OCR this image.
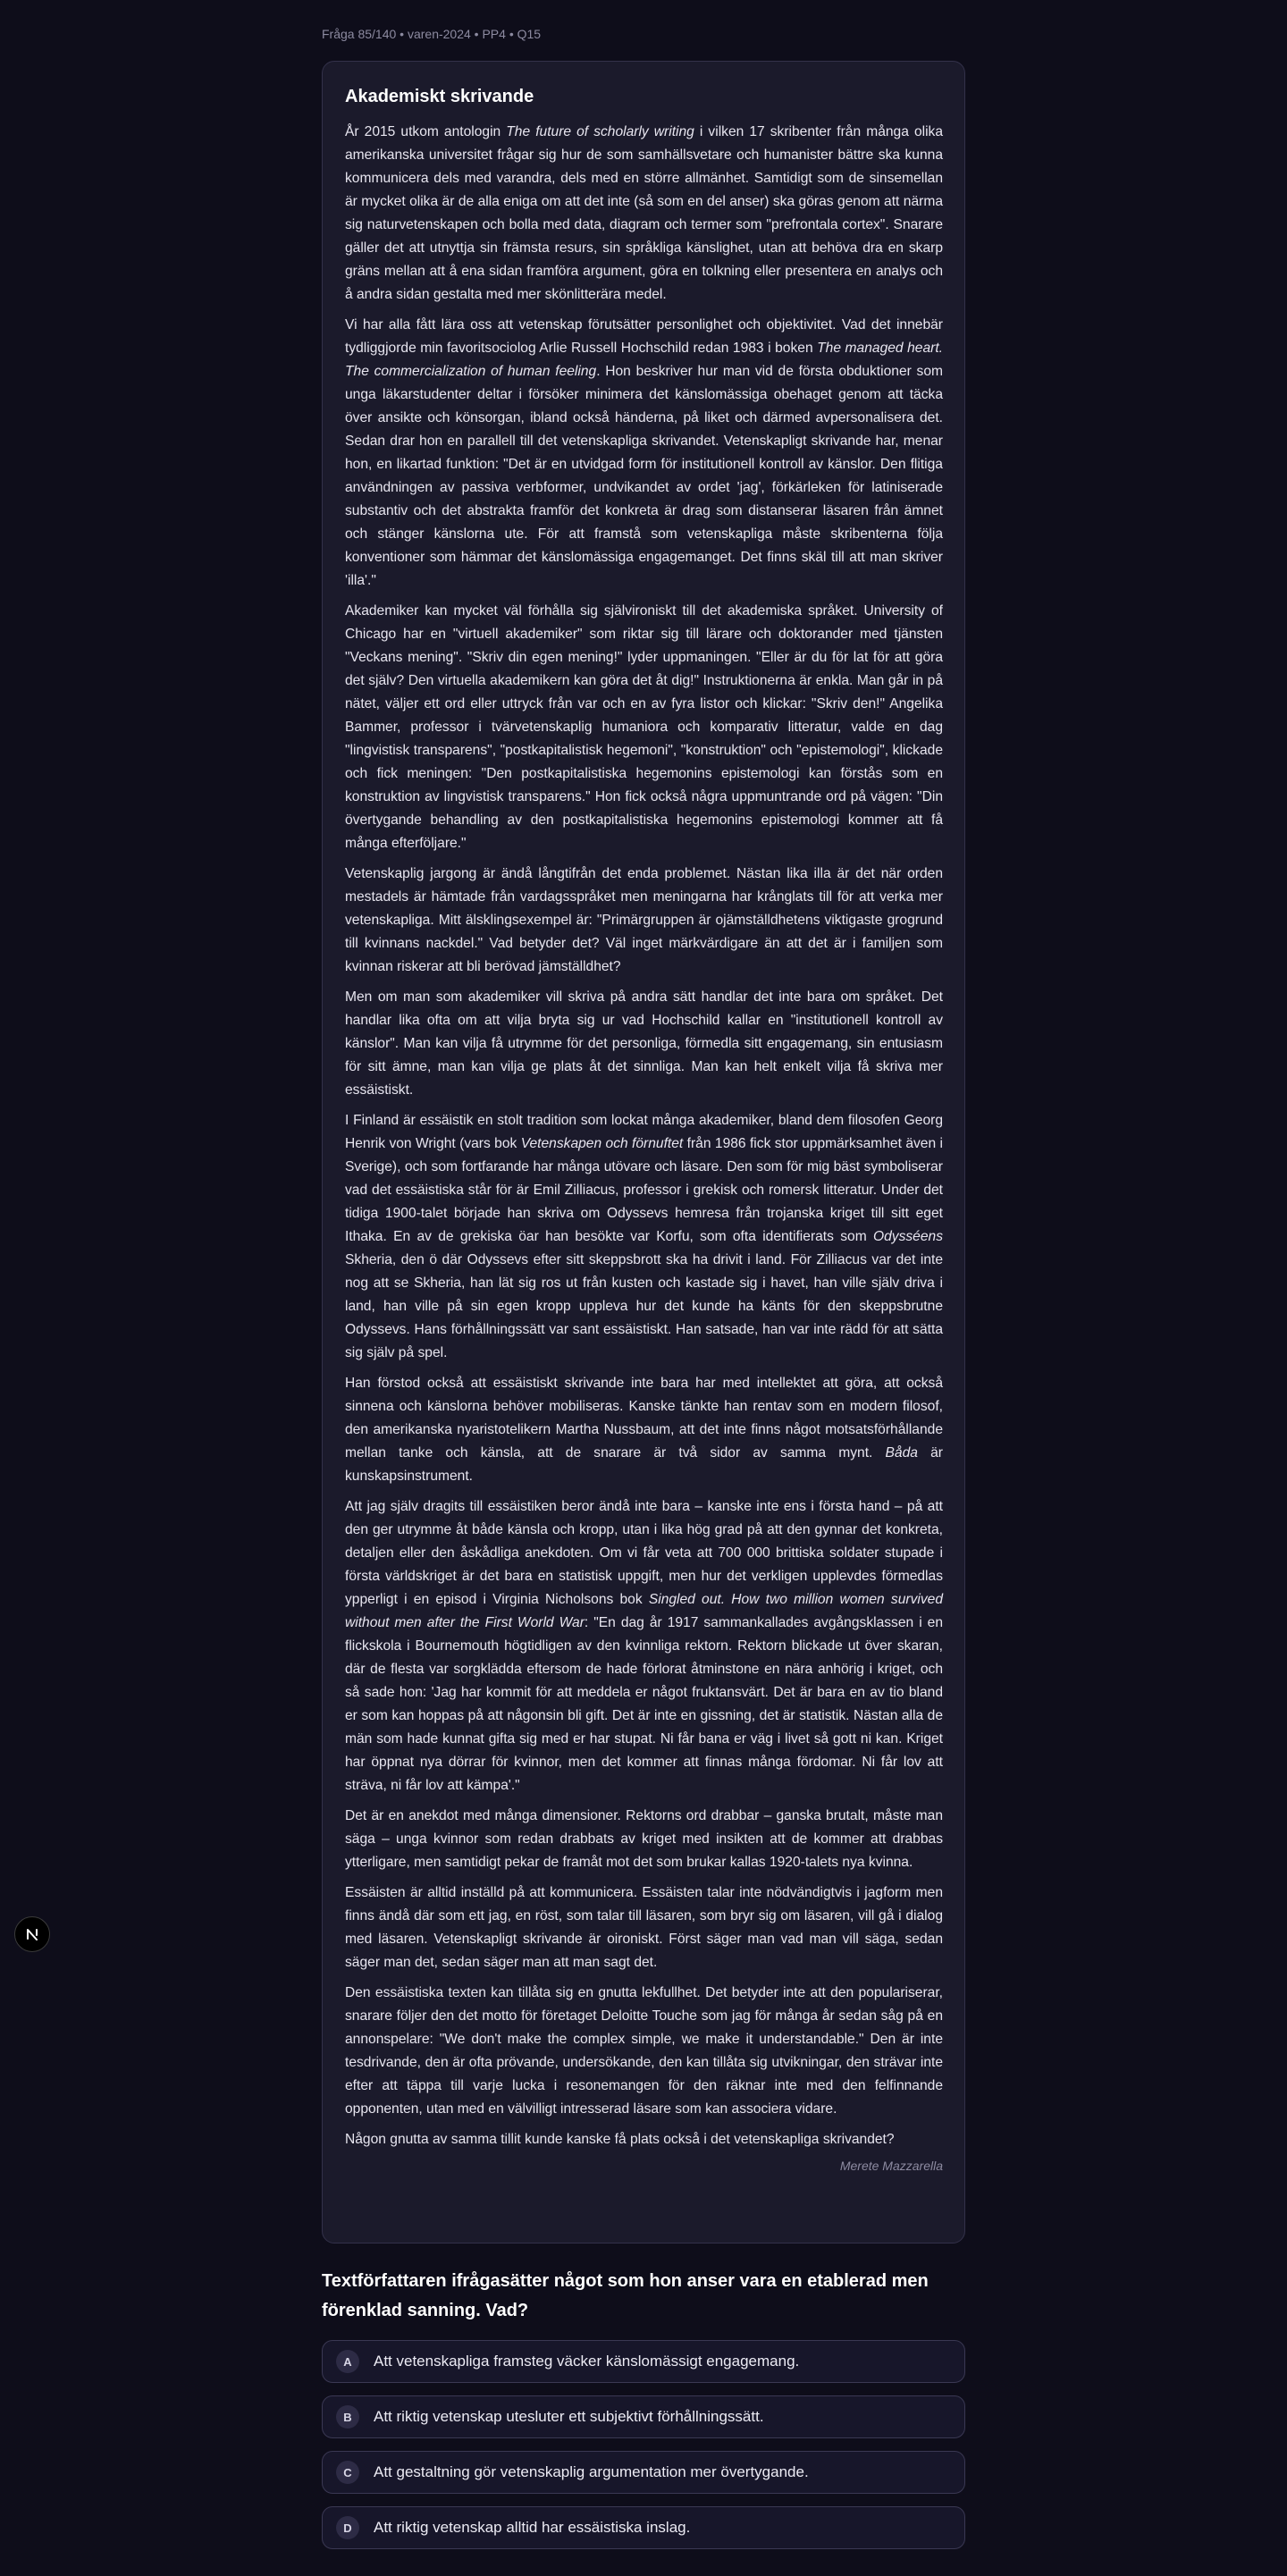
Fråga 85/140 • varen-2024 • PP4 • Q15
Akademiskt skrivande

År 2015 utkom antologin The future of scholarly writing i vilken 17 skribenter från många olika amerikanska universitet frågar sig hur de som samhällsvetare och humanister bättre ska kunna kommunicera dels med varandra, dels med en större allmänhet. Samtidigt som de sinsemellan är mycket olika är de alla eniga om att det inte (så som en del anser) ska göras genom att närma sig naturvetenskapen och bolla med data, diagram och termer som "prefrontala cortex". Snarare gäller det att utnyttja sin främsta resurs, sin språkliga känslighet, utan att behöva dra en skarp gräns mellan att å ena sidan framföra argument, göra en tolkning eller presentera en analys och å andra sidan gestalta med mer skönlitterära medel.

Vi har alla fått lära oss att vetenskap förutsätter personlighet och objektivitet. Vad det innebär tydliggjorde min favoritsociolog Arlie Russell Hochschild redan 1983 i boken The managed heart. The commercialization of human feeling. Hon beskriver hur man vid de första obduktioner som unga läkarstudenter deltar i försöker minimera det känslomässiga obehaget genom att täcka över ansikte och könsorgan, ibland också händerna, på liket och därmed avpersonalisera det. Sedan drar hon en parallell till det vetenskapliga skrivandet. Vetenskapligt skrivande har, menar hon, en likartad funktion: "Det är en utvidgad form för institutionell kontroll av känslor. Den flitiga användningen av passiva verbformer, undvikandet av ordet 'jag', förkärleken för latiniserade substantiv och det abstrakta framför det konkreta är drag som distanserar läsaren från ämnet och stänger känslorna ute. För att framstå som vetenskapliga måste skribenterna följa konventioner som hämmar det känslomässiga engagemanget. Det finns skäl till att man skriver 'illa'."

Akademiker kan mycket väl förhålla sig självironiskt till det akademiska språket. University of Chicago har en "virtuell akademiker" som riktar sig till lärare och doktorander med tjänsten "Veckans mening". "Skriv din egen mening!" lyder uppmaningen. "Eller är du för lat för att göra det själv? Den virtuella akademikern kan göra det åt dig!" Instruktionerna är enkla. Man går in på nätet, väljer ett ord eller uttryck från var och en av fyra listor och klickar: "Skriv den!" Angelika Bammer, professor i tvärvetenskaplig humaniora och komparativ litteratur, valde en dag "lingvistisk transparens", "postkapitalistisk hegemoni", "konstruktion" och "epistemologi", klickade och fick meningen: "Den postkapitalistiska hegemonins epistemologi kan förstås som en konstruktion av lingvistisk transparens." Hon fick också några uppmuntrande ord på vägen: "Din övertygande behandling av den postkapitalistiska hegemonins epistemologi kommer att få många efterföljare."

Vetenskaplig jargong är ändå långtifrån det enda problemet. Nästan lika illa är det när orden mestadels är hämtade från vardagsspråket men meningarna har krånglats till för att verka mer vetenskapliga. Mitt älsklingsexempel är: "Primärgruppen är ojämställdhetens viktigaste grogrund till kvinnans nackdel." Vad betyder det? Väl inget märkvärdigare än att det är i familjen som kvinnan riskerar att bli berövad jämställdhet?

Men om man som akademiker vill skriva på andra sätt handlar det inte bara om språket. Det handlar lika ofta om att vilja bryta sig ur vad Hochschild kallar en "institutionell kontroll av känslor". Man kan vilja få utrymme för det personliga, förmedla sitt engagemang, sin entusiasm för sitt ämne, man kan vilja ge plats åt det sinnliga. Man kan helt enkelt vilja få skriva mer essäistiskt.

I Finland är essäistik en stolt tradition som lockat många akademiker, bland dem filosofen Georg Henrik von Wright (vars bok Vetenskapen och förnuftet från 1986 fick stor uppmärksamhet även i Sverige), och som fortfarande har många utövare och läsare. Den som för mig bäst symboliserar vad det essäistiska står för är Emil Zilliacus, professor i grekisk och romersk litteratur. Under det tidiga 1900-talet började han skriva om Odyssevs hemresa från trojanska kriget till sitt eget Ithaka. En av de grekiska öar han besökte var Korfu, som ofta identifierats som Odysséens Skheria, den ö där Odyssevs efter sitt skeppsbrott ska ha drivit i land. För Zilliacus var det inte nog att se Skheria, han lät sig ros ut från kusten och kastade sig i havet, han ville själv driva i land, han ville på sin egen kropp uppleva hur det kunde ha känts för den skeppsbrutne Odyssevs. Hans förhållningssätt var sant essäistiskt. Han satsade, han var inte rädd för att sätta sig själv på spel.

Han förstod också att essäistiskt skrivande inte bara har med intellektet att göra, att också sinnena och känslorna behöver mobiliseras. Kanske tänkte han rentav som en modern filosof, den amerikanska nyaristotelikern Martha Nussbaum, att det inte finns något motsatsförhållande mellan tanke och känsla, att de snarare är två sidor av samma mynt. Båda är kunskapsinstrument.

Att jag själv dragits till essäistiken beror ändå inte bara – kanske inte ens i första hand – på att den ger utrymme åt både känsla och kropp, utan i lika hög grad på att den gynnar det konkreta, detaljen eller den åskådliga anekdoten. Om vi får veta att 700 000 brittiska soldater stupade i första världskriget är det bara en statistisk uppgift, men hur det verkligen upplevdes förmedlas ypperligt i en episod i Virginia Nicholsons bok Singled out. How two million women survived without men after the First World War: "En dag år 1917 sammankallades avgångsklassen i en flickskola i Bournemouth högtidligen av den kvinnliga rektorn. Rektorn blickade ut över skaran, där de flesta var sorgklädda eftersom de hade förlorat åtminstone en nära anhörig i kriget, och så sade hon: 'Jag har kommit för att meddela er något fruktansvärt. Det är bara en av tio bland er som kan hoppas på att någonsin bli gift. Det är inte en gissning, det är statistik. Nästan alla de män som hade kunnat gifta sig med er har stupat. Ni får bana er väg i livet så gott ni kan. Kriget har öppnat nya dörrar för kvinnor, men det kommer att finnas många fördomar. Ni får lov att sträva, ni får lov att kämpa'."

Det är en anekdot med många dimensioner. Rektorns ord drabbar – ganska brutalt, måste man säga – unga kvinnor som redan drabbats av kriget med insikten att de kommer att drabbas ytterligare, men samtidigt pekar de framåt mot det som brukar kallas 1920-talets nya kvinna.

Essäisten är alltid inställd på att kommunicera. Essäisten talar inte nödvändigtvis i jagform men finns ändå där som ett jag, en röst, som talar till läsaren, som bryr sig om läsaren, vill gå i dialog med läsaren. Vetenskapligt skrivande är oironiskt. Först säger man vad man vill säga, sedan säger man det, sedan säger man att man sagt det.

Den essäistiska texten kan tillåta sig en gnutta lekfullhet. Det betyder inte att den populariserar, snarare följer den det motto för företaget Deloitte Touche som jag för många år sedan såg på en annonspelare: "We don't make the complex simple, we make it understandable." Den är inte tesdrivande, den är ofta prövande, undersökande, den kan tillåta sig utvikningar, den strävar inte efter att täppa till varje lucka i resonemangen för den räknar inte med den felfinnande opponenten, utan med en välvilligt intresserad läsare som kan associera vidare.

Någon gnutta av samma tillit kunde kanske få plats också i det vetenskapliga skrivandet?

Merete Mazzarella
Textförfattaren ifrågasätter något som hon anser vara en etablerad men förenklad sanning. Vad?
A	Att vetenskapliga framsteg väcker känslomässigt engagemang.
B	Att riktig vetenskap utesluter ett subjektivt förhållningssätt.
C	Att gestaltning gör vetenskaplig argumentation mer övertygande.
D	Att riktig vetenskap alltid har essäistiska inslag.
